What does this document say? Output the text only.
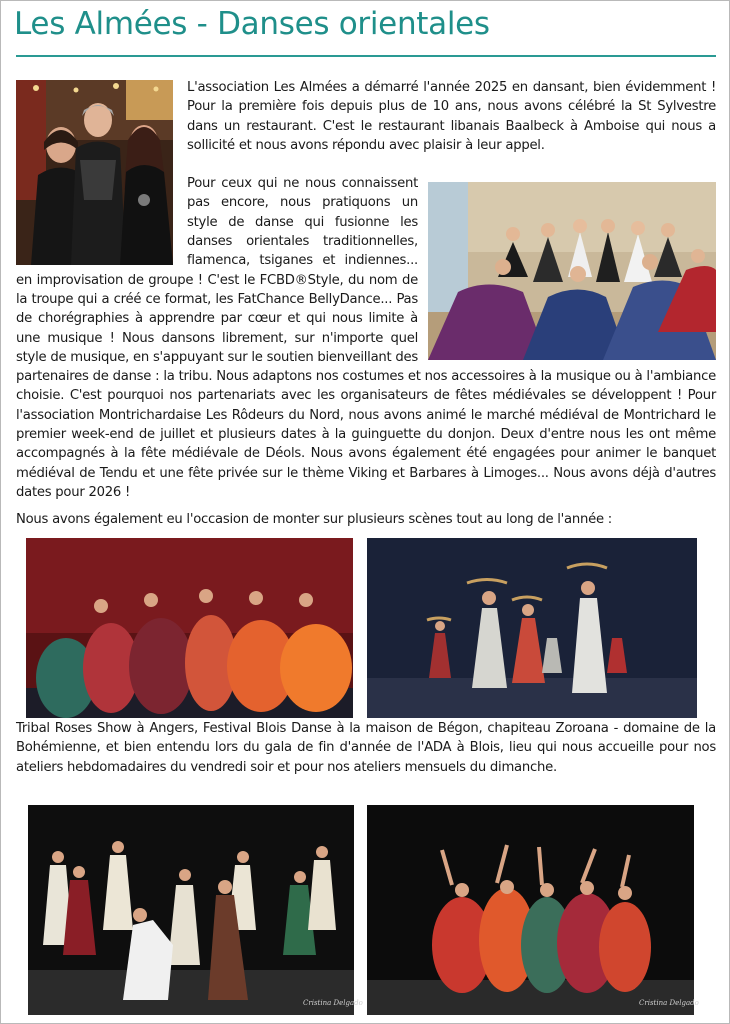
Les Almées - Danses orientales

L'association Les Almées a démarré l'année 2025 en dansant, bien évidemment ! Pour la première fois depuis plus de 10 ans, nous avons célébré la St Sylvestre dans un restaurant. C'est le restaurant libanais Baalbeck à Amboise qui nous a sollicité et nous avons répondu avec plaisir à leur appel.

Pour ceux qui ne nous connaissent pas encore, nous pratiquons un style de danse qui fusionne les danses orientales traditionnelles, flamenca, tsiganes et indiennes... en improvisation de groupe ! C'est le FCBD®Style, du nom de la troupe qui a créé ce format, les FatChance BellyDance... Pas de chorégraphies à apprendre par cœur et qui nous limite à une musique ! Nous dansons librement, sur n'importe quel style de musique, en s'appuyant sur le soutien bienveillant des partenaires de danse : la tribu. Nous adaptons nos costumes et nos accessoires à la musique ou à l'ambiance choisie. C'est pourquoi nos partenariats avec les organisateurs de fêtes médiévales se développent ! Pour l'association Montrichardaise Les Rôdeurs du Nord, nous avons animé le marché médiéval de Montrichard le premier week-end de juillet et plusieurs dates à la guinguette du donjon. Deux d'entre nous les ont même accompagnés à la fête médiévale de Déols. Nous avons également été engagées pour animer le banquet médiéval de Tendu et une fête privée sur le thème Viking et Barbares à Limoges... Nous avons déjà d'autres dates pour 2026 !

Nous avons également eu l'occasion de monter sur plusieurs scènes tout au long de l'année :
Tribal Roses Show à Angers, Festival Blois Danse à la maison de Bégon, chapiteau Zoroana - domaine de la Bohémienne, et bien entendu lors du gala de fin d'année de l'ADA à Blois, lieu qui nous accueille pour nos ateliers hebdomadaires du vendredi soir et pour nos ateliers mensuels du dimanche.
Cristina Delgado	Cristina Delgado
